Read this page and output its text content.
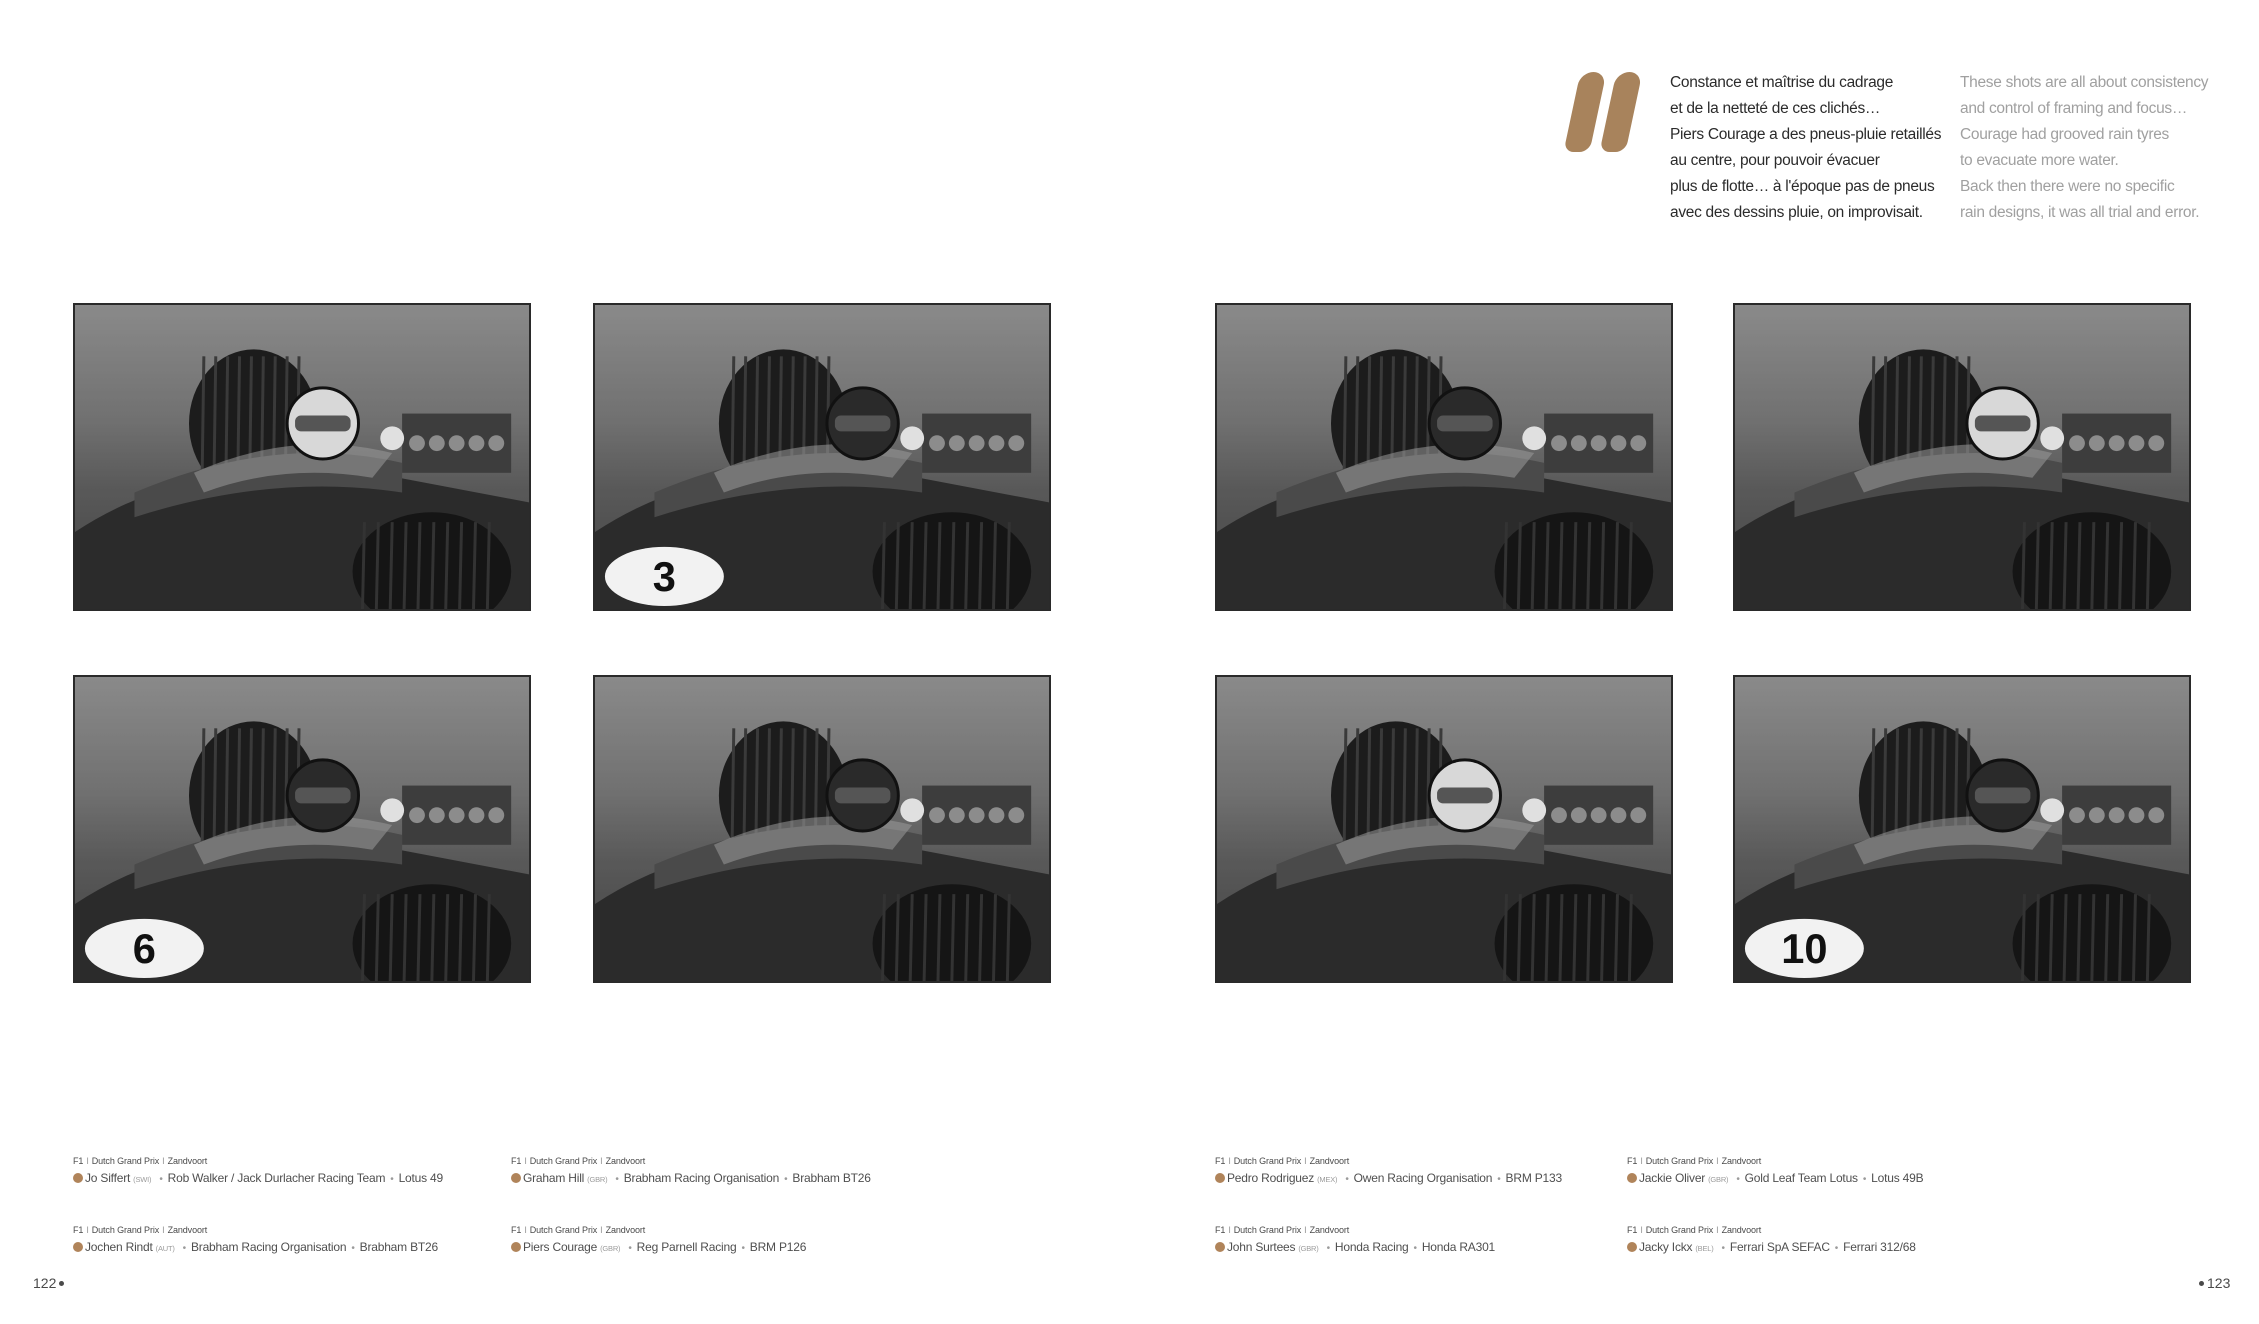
Constance et maîtrise du cadrage
et de la netteté de ces clichés…
Piers Courage a des pneus-pluie retaillés
au centre, pour pouvoir évacuer
plus de flotte… à l'époque pas de pneus
avec des dessins pluie, on improvisait.
These shots are all about consistency
and control of framing and focus…
Courage had grooved rain tyres
to evacuate more water.
Back then there were no specific
rain designs, it was all trial and error.
3
6	10
F1 I Dutch Grand Prix I Zandvoort
Jo Siffert (SWI) • Rob Walker / Jack Durlacher Racing Team • Lotus 49
F1 I Dutch Grand Prix I Zandvoort
Graham Hill (GBR) • Brabham Racing Organisation • Brabham BT26
F1 I Dutch Grand Prix I Zandvoort
Pedro Rodriguez (MEX) • Owen Racing Organisation • BRM P133
F1 I Dutch Grand Prix I Zandvoort
Jackie Oliver (GBR) • Gold Leaf Team Lotus • Lotus 49B
F1 I Dutch Grand Prix I Zandvoort
Jochen Rindt (AUT) • Brabham Racing Organisation • Brabham BT26
F1 I Dutch Grand Prix I Zandvoort
Piers Courage (GBR) • Reg Parnell Racing • BRM P126
F1 I Dutch Grand Prix I Zandvoort
John Surtees (GBR) • Honda Racing • Honda RA301
F1 I Dutch Grand Prix I Zandvoort
Jacky Ickx (BEL) • Ferrari SpA SEFAC • Ferrari 312/68
122	123
